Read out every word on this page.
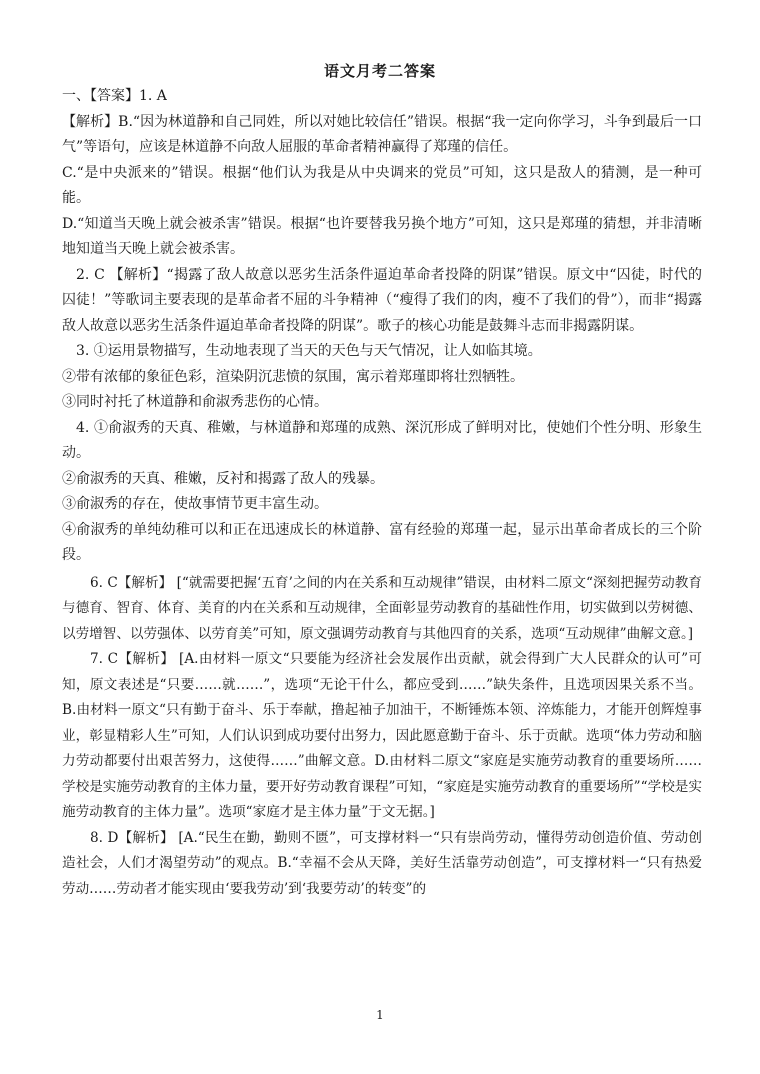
语文月考二答案

一、【答案】1. A

【解析】B.“因为林道静和自己同姓，所以对她比较信任”错误。根据“我一定向你学习，斗争到最后一口气”等语句，应该是林道静不向敌人屈服的革命者精神赢得了郑瑾的信任。

C.“是中央派来的”错误。根据“他们认为我是从中央调来的党员”可知，这只是敌人的猜测，是一种可能。

D.“知道当天晚上就会被杀害”错误。根据“也许要替我另换个地方”可知，这只是郑瑾的猜想，并非清晰地知道当天晚上就会被杀害。

2. C 【解析】“揭露了敌人故意以恶劣生活条件逼迫革命者投降的阴谋”错误。原文中“囚徒，时代的囚徒！”等歌词主要表现的是革命者不屈的斗争精神（“瘦得了我们的肉，瘦不了我们的骨”），而非“揭露敌人故意以恶劣生活条件逼迫革命者投降的阴谋”。歌子的核心功能是鼓舞斗志而非揭露阴谋。

3. ①运用景物描写，生动地表现了当天的天色与天气情况，让人如临其境。

②带有浓郁的象征色彩，渲染阴沉悲愤的氛围，寓示着郑瑾即将壮烈牺牲。

③同时衬托了林道静和俞淑秀悲伤的心情。

4. ①俞淑秀的天真、稚嫩，与林道静和郑瑾的成熟、深沉形成了鲜明对比，使她们个性分明、形象生动。

②俞淑秀的天真、稚嫩，反衬和揭露了敌人的残暴。

③俞淑秀的存在，使故事情节更丰富生动。

④俞淑秀的单纯幼稚可以和正在迅速成长的林道静、富有经验的郑瑾一起，显示出革命者成长的三个阶段。

6. C【解析】 [“就需要把握‘五育’之间的内在关系和互动规律”错误，由材料二原文“深刻把握劳动教育与德育、智育、体育、美育的内在关系和互动规律，全面彰显劳动教育的基础性作用，切实做到以劳树德、以劳增智、以劳强体、以劳育美”可知，原文强调劳动教育与其他四育的关系，选项“互动规律”曲解文意。]

7. C【解析】 [A.由材料一原文“只要能为经济社会发展作出贡献，就会得到广大人民群众的认可”可知，原文表述是“只要……就……”，选项“无论干什么，都应受到……”缺失条件，且选项因果关系不当。B.由材料一原文“只有勤于奋斗、乐于奉献，撸起袖子加油干，不断锤炼本领、淬炼能力，才能开创辉煌事业，彰显精彩人生”可知，人们认识到成功要付出努力，因此愿意勤于奋斗、乐于贡献。选项“体力劳动和脑力劳动都要付出艰苦努力，这使得……”曲解文意。D.由材料二原文“家庭是实施劳动教育的重要场所……学校是实施劳动教育的主体力量，要开好劳动教育课程”可知，“家庭是实施劳动教育的重要场所”“学校是实施劳动教育的主体力量”。选项“家庭才是主体力量”于文无据。]

8. D【解析】 [A.“民生在勤，勤则不匮”，可支撑材料一“只有崇尚劳动，懂得劳动创造价值、劳动创造社会，人们才渴望劳动”的观点。B.“幸福不会从天降，美好生活靠劳动创造”，可支撑材料一“只有热爱劳动……劳动者才能实现由‘要我劳动’到‘我要劳动’的转变”的

1
